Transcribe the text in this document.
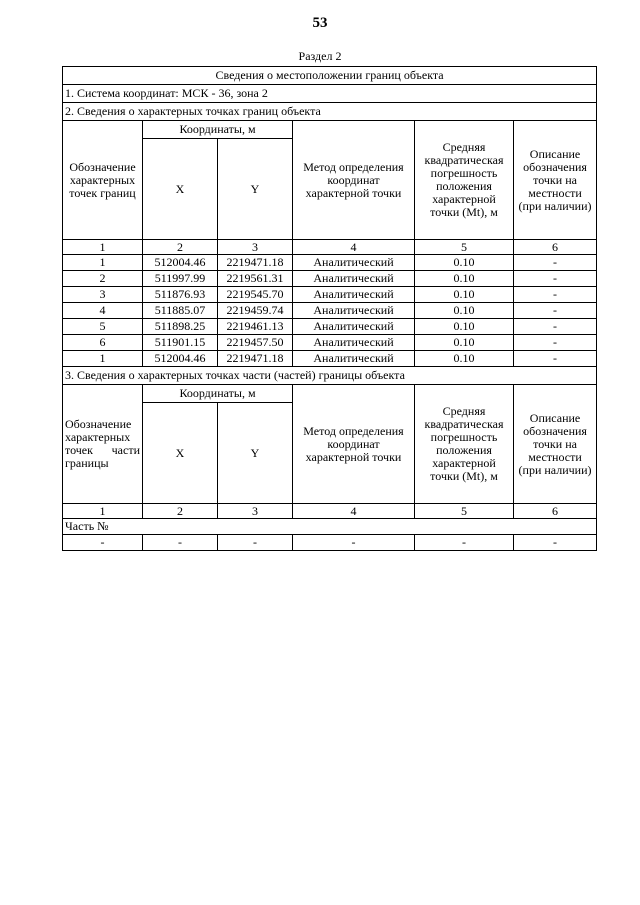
53
Раздел 2
Сведения о местоположении границ объекта					
1. Система координат: МСК - 36, зона 2					
2. Сведения о характерных точках границ объекта					
Обозначение характерных точек границ	Координаты, м		Метод определения координат характерной точки	Средняя квадратическая погрешность положения характерной точки (Mt), м	Описание обозначения точки на местности (при наличии)
	X	Y			
1	2	3	4	5	6
1	512004.46	2219471.18	Аналитический	0.10	-
2	511997.99	2219561.31	Аналитический	0.10	-
3	511876.93	2219545.70	Аналитический	0.10	-
4	511885.07	2219459.74	Аналитический	0.10	-
5	511898.25	2219461.13	Аналитический	0.10	-
6	511901.15	2219457.50	Аналитический	0.10	-
1	512004.46	2219471.18	Аналитический	0.10	-
3. Сведения о характерных точках части (частей) границы объекта					
Обозначение характерных точек части границы	Координаты, м		Метод определения координат характерной точки	Средняя квадратическая погрешность положения характерной точки (Mt), м	Описание обозначения точки на местности (при наличии)
	X	Y			
1	2	3	4	5	6
Часть №					
-	-	-	-	-	-
